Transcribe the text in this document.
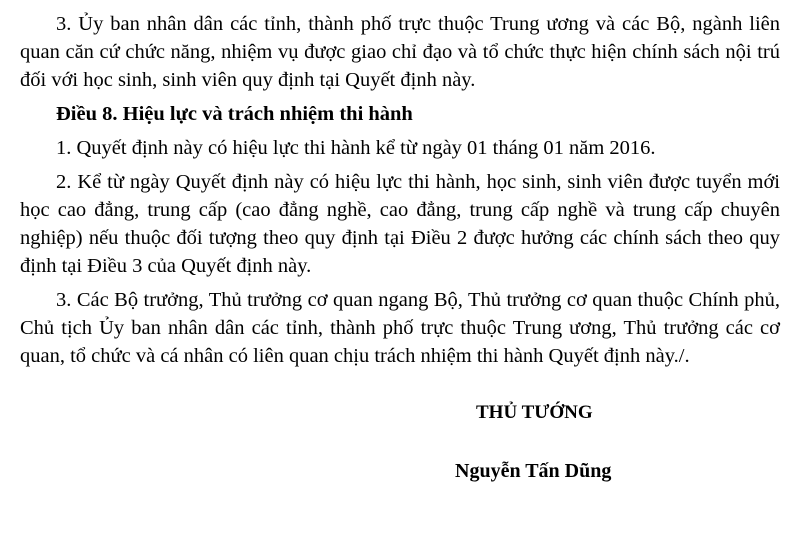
3. Ủy ban nhân dân các tỉnh, thành phố trực thuộc Trung ương và các Bộ, ngành liên quan căn cứ chức năng, nhiệm vụ được giao chỉ đạo và tổ chức thực hiện chính sách nội trú đối với học sinh, sinh viên quy định tại Quyết định này.

Điều 8. Hiệu lực và trách nhiệm thi hành

1. Quyết định này có hiệu lực thi hành kể từ ngày 01 tháng 01 năm 2016.

2. Kể từ ngày Quyết định này có hiệu lực thi hành, học sinh, sinh viên được tuyển mới học cao đẳng, trung cấp (cao đẳng nghề, cao đẳng, trung cấp nghề và trung cấp chuyên nghiệp) nếu thuộc đối tượng theo quy định tại Điều 2 được hưởng các chính sách theo quy định tại Điều 3 của Quyết định này.

3. Các Bộ trưởng, Thủ trưởng cơ quan ngang Bộ, Thủ trưởng cơ quan thuộc Chính phủ, Chủ tịch Ủy ban nhân dân các tỉnh, thành phố trực thuộc Trung ương, Thủ trưởng các cơ quan, tổ chức và cá nhân có liên quan chịu trách nhiệm thi hành Quyết định này./.

THỦ TƯỚNG
Nguyễn Tấn Dũng
